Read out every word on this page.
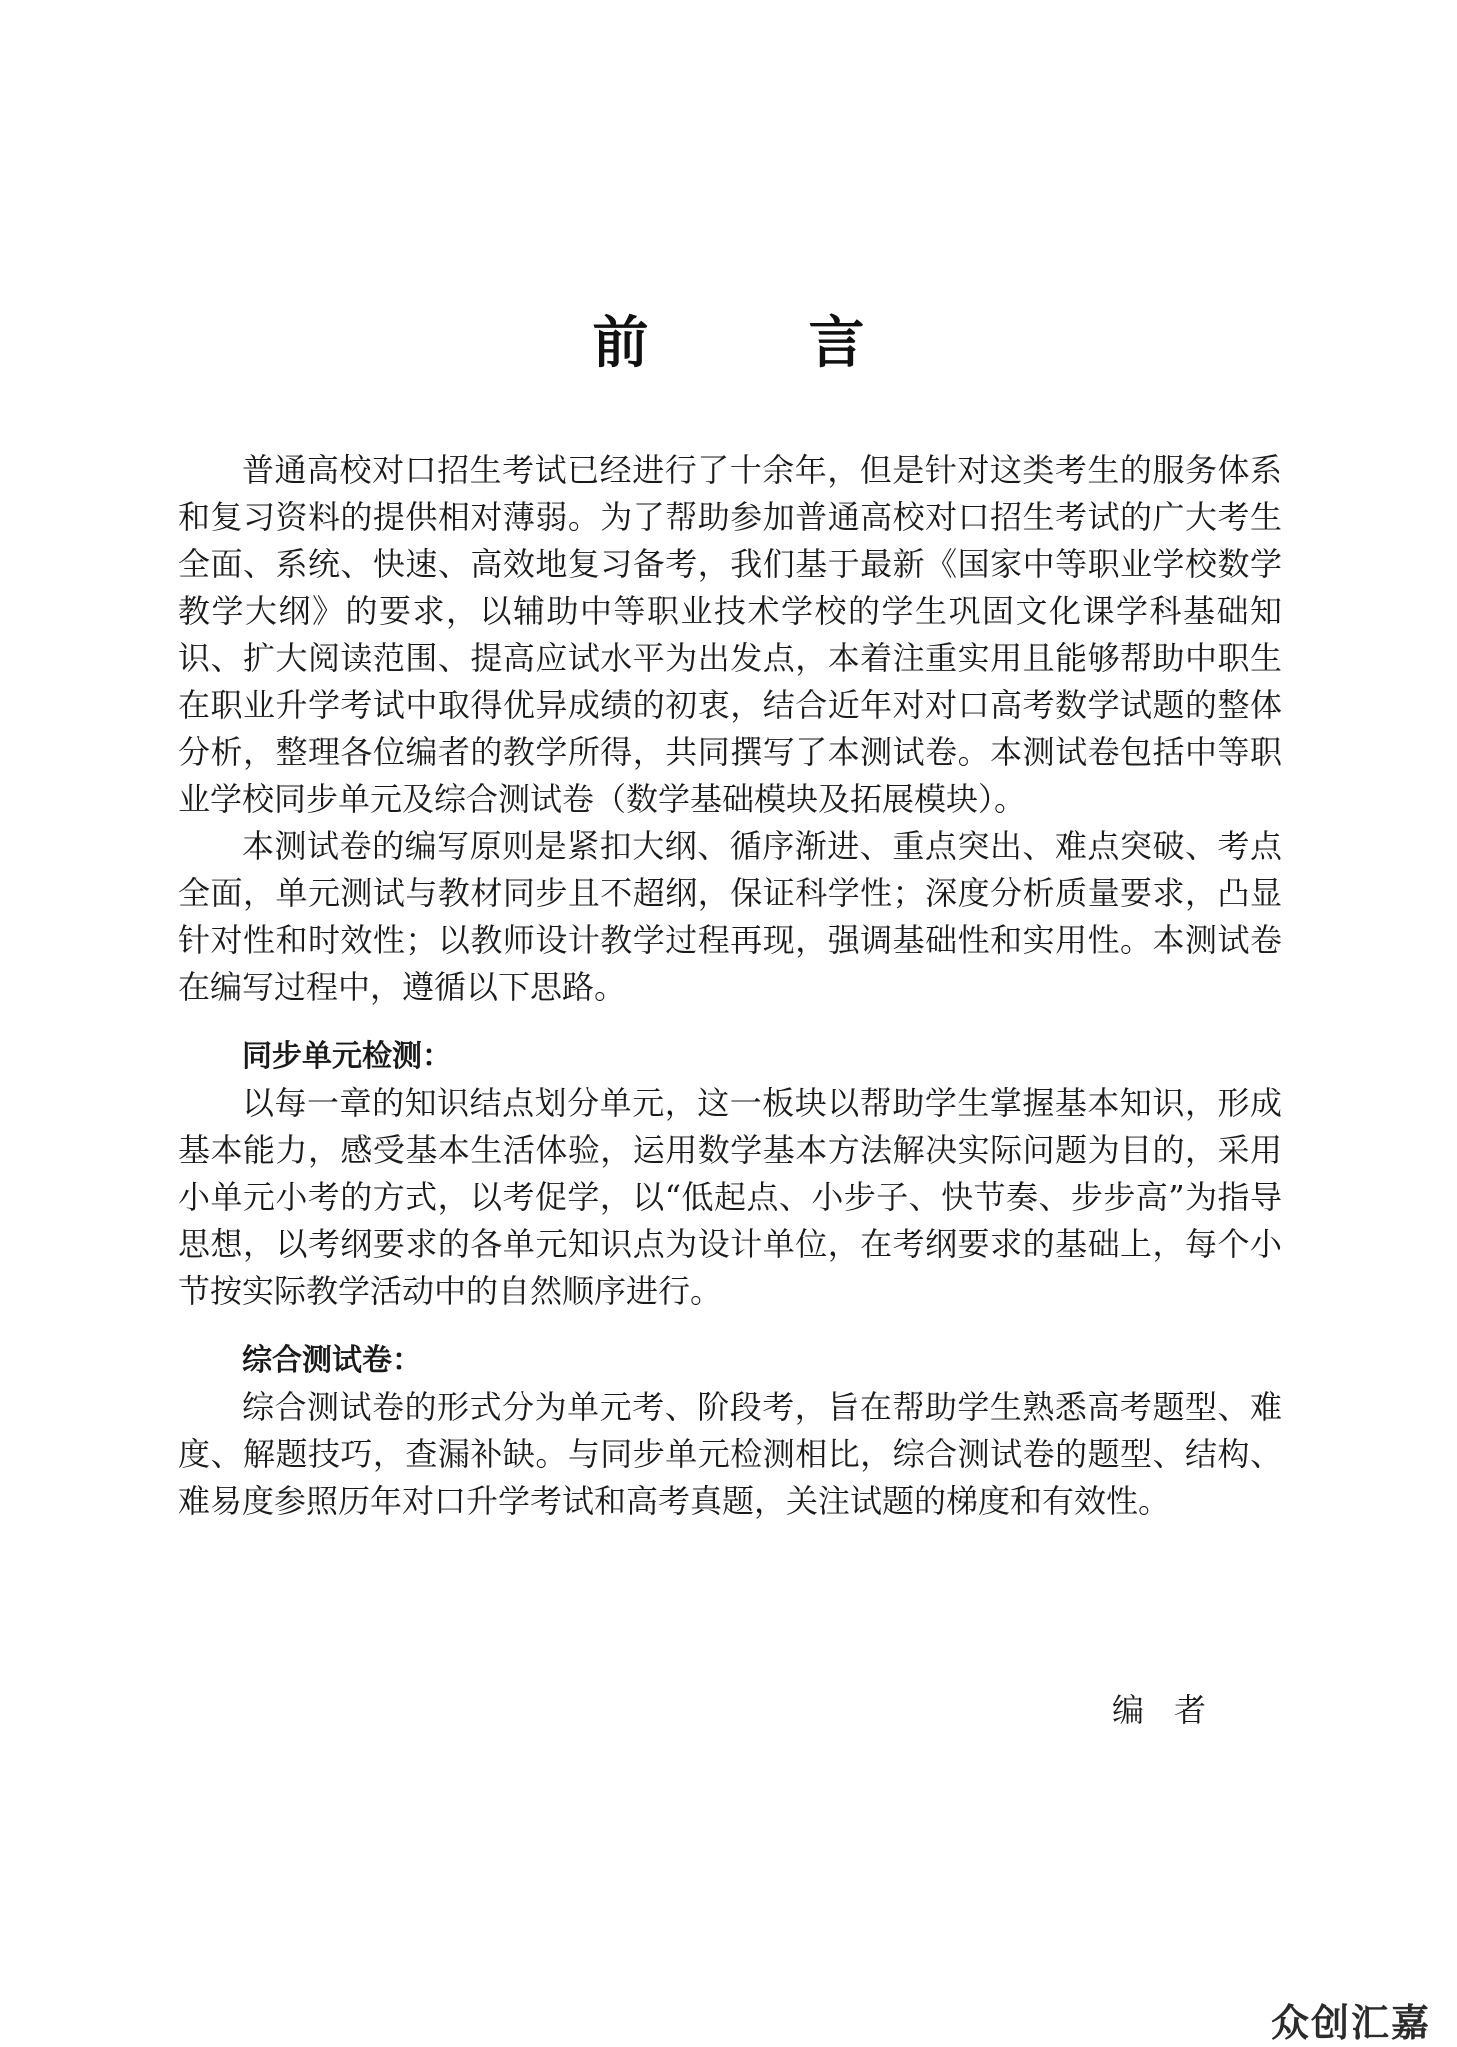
前　言

普通高校对口招生考试已经进行了十余年，但是针对这类考生的服务体系和复习资料的提供相对薄弱。为了帮助参加普通高校对口招生考试的广大考生全面、系统、快速、高效地复习备考，我们基于最新《国家中等职业学校数学教学大纲》的要求，以辅助中等职业技术学校的学生巩固文化课学科基础知识、扩大阅读范围、提高应试水平为出发点，本着注重实用且能够帮助中职生在职业升学考试中取得优异成绩的初衷，结合近年对对口高考数学试题的整体分析，整理各位编者的教学所得，共同撰写了本测试卷。本测试卷包括中等职业学校同步单元及综合测试卷（数学基础模块及拓展模块）。

本测试卷的编写原则是紧扣大纲、循序渐进、重点突出、难点突破、考点全面，单元测试与教材同步且不超纲，保证科学性；深度分析质量要求，凸显针对性和时效性；以教师设计教学过程再现，强调基础性和实用性。本测试卷在编写过程中，遵循以下思路。

同步单元检测：

以每一章的知识结点划分单元，这一板块以帮助学生掌握基本知识，形成基本能力，感受基本生活体验，运用数学基本方法解决实际问题为目的，采用小单元小考的方式，以考促学，以“低起点、小步子、快节奏、步步高”为指导思想，以考纲要求的各单元知识点为设计单位，在考纲要求的基础上，每个小节按实际教学活动中的自然顺序进行。

综合测试卷：

综合测试卷的形式分为单元考、阶段考，旨在帮助学生熟悉高考题型、难度、解题技巧，查漏补缺。与同步单元检测相比，综合测试卷的题型、结构、难易度参照历年对口升学考试和高考真题，关注试题的梯度和有效性。

编者
众创汇嘉
